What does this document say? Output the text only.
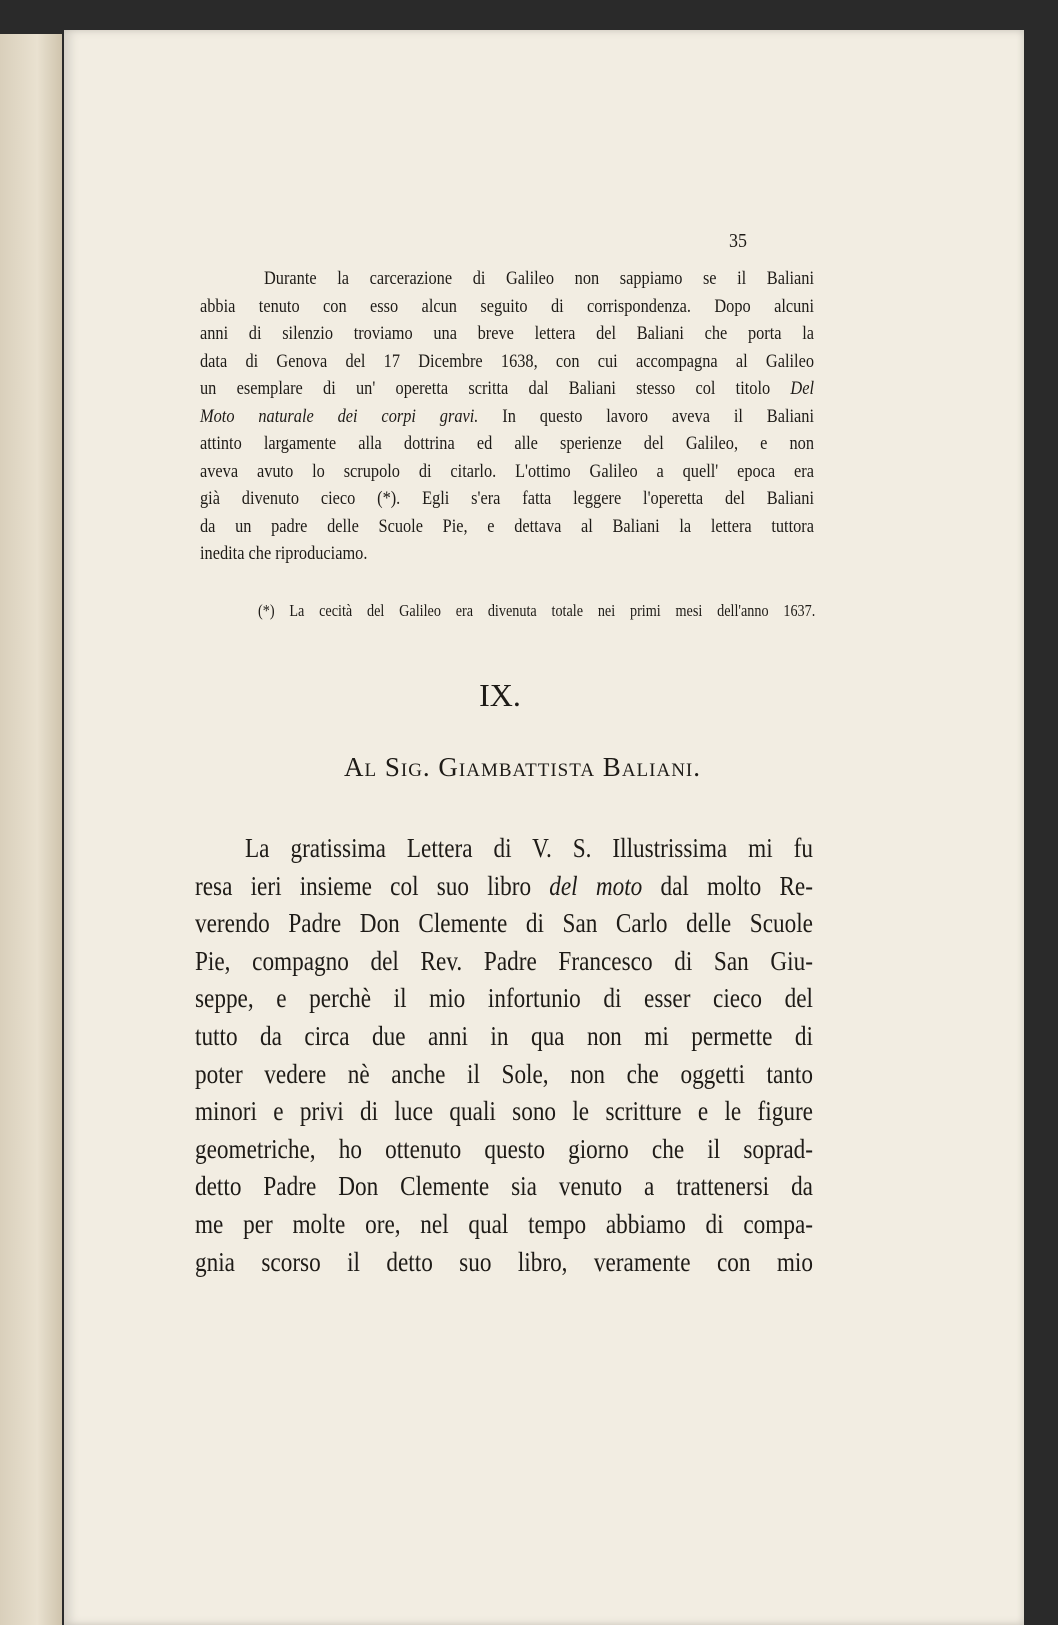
35
Durante la carcerazione di Galileo non sappiamo se il Baliani
abbia tenuto con esso alcun seguito di corrispondenza. Dopo alcuni
anni di silenzio troviamo una breve lettera del Baliani che porta la
data di Genova del 17 Dicembre 1638, con cui accompagna al Galileo
un esemplare di un' operetta scritta dal Baliani stesso col titolo Del
Moto naturale dei corpi gravi. In questo lavoro aveva il Baliani
attinto largamente alla dottrina ed alle sperienze del Galileo, e non
aveva avuto lo scrupolo di citarlo. L'ottimo Galileo a quell' epoca era
già divenuto cieco (*). Egli s'era fatta leggere l'operetta del Baliani
da un padre delle Scuole Pie, e dettava al Baliani la lettera tuttora
inedita che riproduciamo.
(*) La cecità del Galileo era divenuta totale nei primi mesi dell'anno 1637.
IX.
Al Sig. Giambattista Baliani.
La gratissima Lettera di V. S. Illustrissima mi fu
resa ieri insieme col suo libro del moto dal molto Re-
verendo Padre Don Clemente di San Carlo delle Scuole
Pie, compagno del Rev. Padre Francesco di San Giu-
seppe, e perchè il mio infortunio di esser cieco del
tutto da circa due anni in qua non mi permette di
poter vedere nè anche il Sole, non che oggetti tanto
minori e privi di luce quali sono le scritture e le figure
geometriche, ho ottenuto questo giorno che il soprad-
detto Padre Don Clemente sia venuto a trattenersi da
me per molte ore, nel qual tempo abbiamo di compa-
gnia scorso il detto suo libro, veramente con mio
